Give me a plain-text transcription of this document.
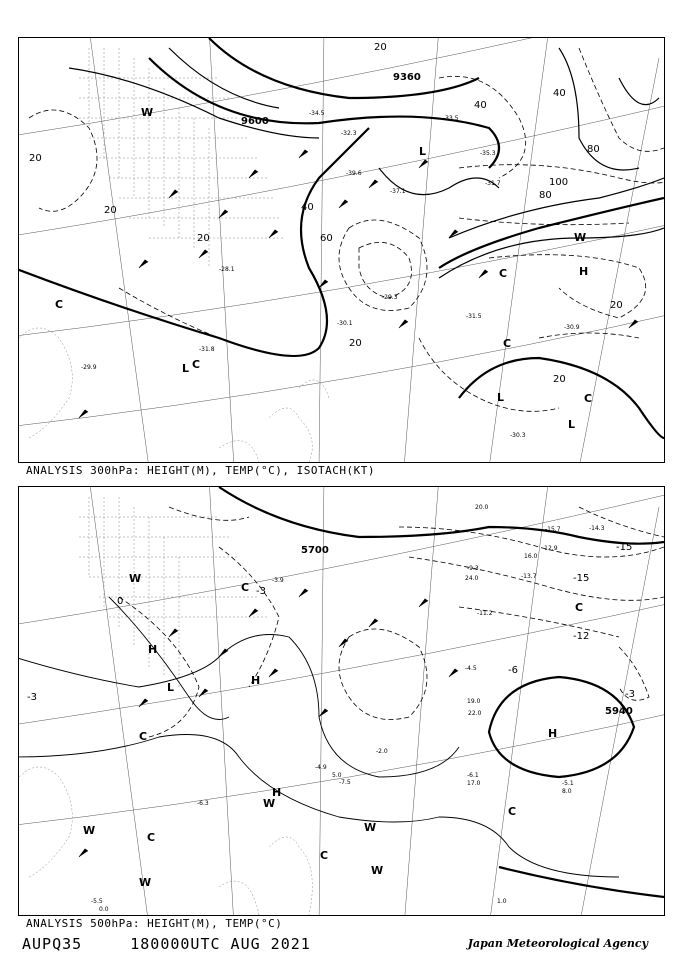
9600
9360
20
20
20
20
40
40
40
60
80
80
100
20
20
20
L C
C	H
C
L
L
L
C
W
W
C
-30.3
-31.5
-30.9
-29.9
-29.3
-30.1
-31.8
-28.1
-33.5
-37.1
-34.5
-32.3
-35.3
-39.6
-31.7
ANALYSIS 300hPa: HEIGHT(M), TEMP(°C), ISOTACH(KT)
5700
5940
-3	-3
-6
-12
-15
-15
0
-3
H
H
H
H
L
W
W
W
W
W
C
C
C
C
C
C
W
-6.1
-5.1
-5.5
-4.9
-6.3
-4.5
-3.9
-12.9
-15.7	-14.3
-13.7
-9.3
-11.2
-7.5
-2.0
17.0
8.0
1.0
5.0
22.0
24.0
19.0
16.0
0.0
20.0
ANALYSIS 500hPa: HEIGHT(M), TEMP(°C)
AUPQ35	180000UTC AUG 2021	Japan Meteorological Agency
